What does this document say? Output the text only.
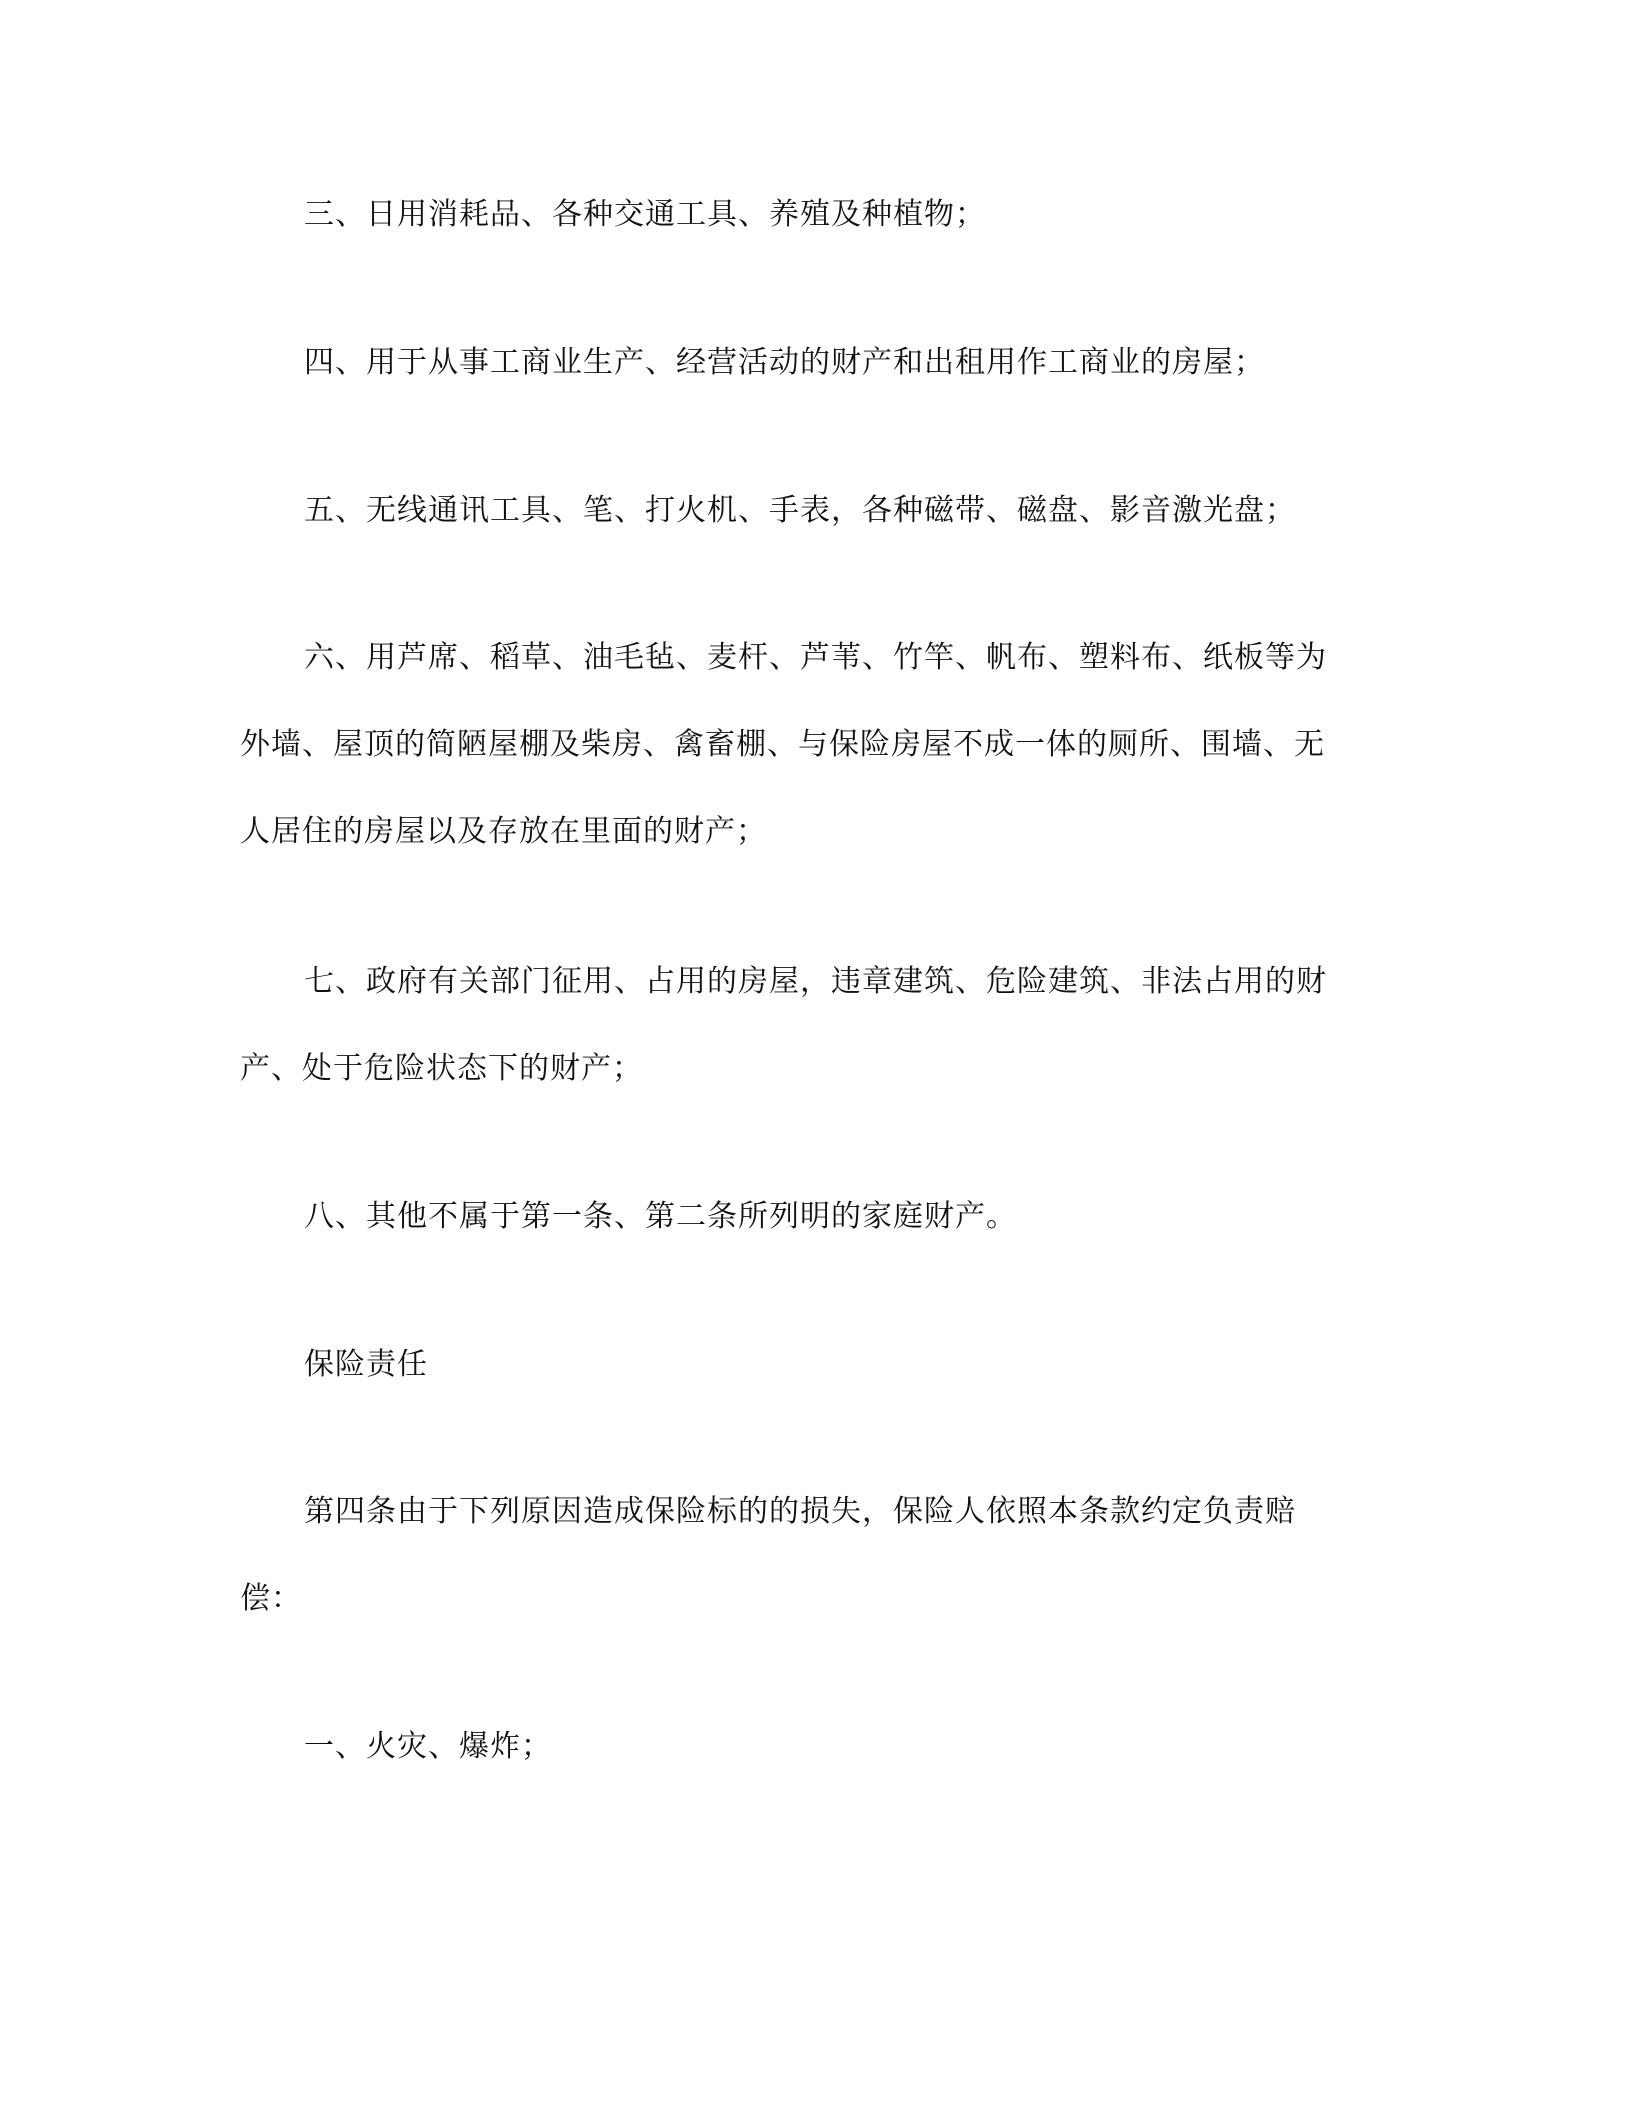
三、日用消耗品、各种交通工具、养殖及种植物；

四、用于从事工商业生产、经营活动的财产和出租用作工商业的房屋；

五、无线通讯工具、笔、打火机、手表，各种磁带、磁盘、影音激光盘；

六、用芦席、稻草、油毛毡、麦杆、芦苇、竹竿、帆布、塑料布、纸板等为外墙、屋顶的简陋屋棚及柴房、禽畜棚、与保险房屋不成一体的厕所、围墙、无人居住的房屋以及存放在里面的财产；

七、政府有关部门征用、占用的房屋，违章建筑、危险建筑、非法占用的财产、处于危险状态下的财产；

八、其他不属于第一条、第二条所列明的家庭财产。

保险责任

第四条由于下列原因造成保险标的的损失，保险人依照本条款约定负责赔偿：

一、火灾、爆炸；
